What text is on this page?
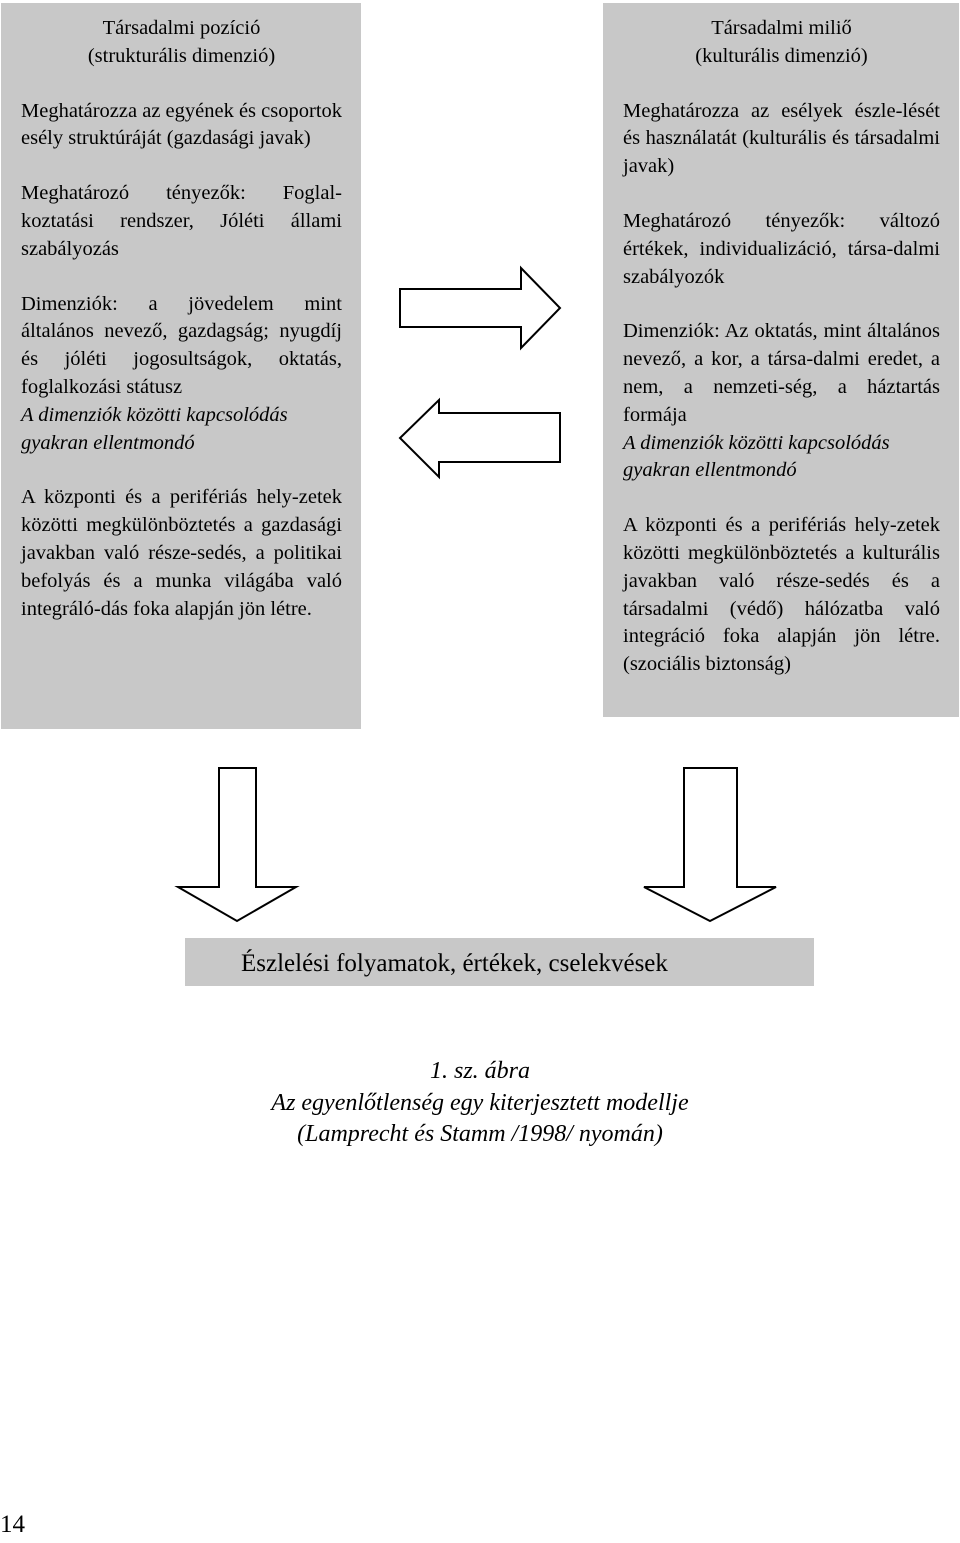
Társadalmi pozíció
(strukturális dimenzió)
Meghatározza az egyének és csoportok esély struktúráját (gazdasági javak)
Meghatározó tényezők: Foglal-koztatási rendszer, Jóléti állami szabályozás
Dimenziók: a jövedelem mint általános nevező, gazdagság; nyugdíj és jóléti jogosultságok, oktatás, foglalkozási státusz
A dimenziók közötti kapcsolódás gyakran ellentmondó
A központi és a perifériás hely-zetek közötti megkülönböztetés a gazdasági javakban való része-sedés, a politikai befolyás és a munka világába való integráló-dás foka alapján jön létre.
Társadalmi miliő
(kulturális dimenzió)
Meghatározza az esélyek észle-lését és használatát (kulturális és társadalmi javak)
Meghatározó tényezők: változó értékek, individualizáció, társa-dalmi szabályozók
Dimenziók: Az oktatás, mint általános nevező, a kor, a társa-dalmi eredet, a nem, a nemzeti-ség, a háztartás formája
A dimenziók közötti kapcsolódás gyakran ellentmondó
A központi és a perifériás hely-zetek közötti megkülönböztetés a kulturális javakban való része-sedés és a társadalmi (védő) hálózatba való integráció foka alapján jön létre. (szociális biztonság)
Észlelési folyamatok, értékek, cselekvések
1. sz. ábra
Az egyenlőtlenség egy kiterjesztett modellje
(Lamprecht és Stamm /1998/ nyomán)
14
